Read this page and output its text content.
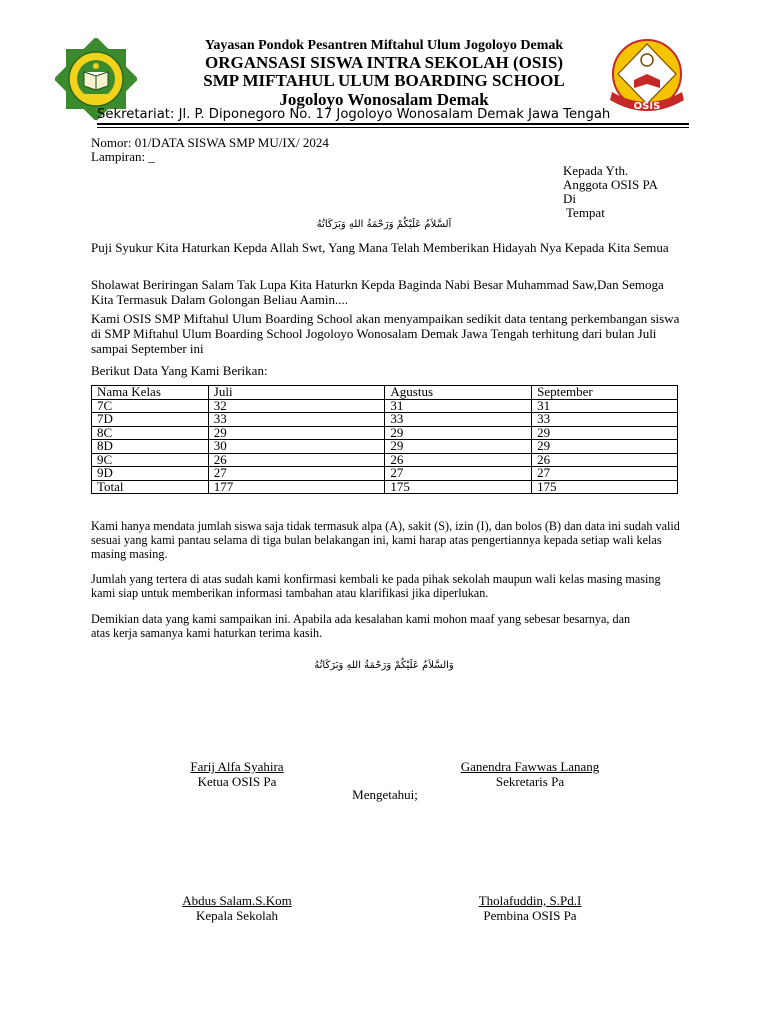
OSIS
Yayasan Pondok Pesantren Miftahul Ulum Jogoloyo Demak
ORGANSASI SISWA INTRA SEKOLAH (OSIS)
SMP MIFTAHUL ULUM BOARDING SCHOOL
Jogoloyo Wonosalam Demak
Sekretariat: Jl. P. Diponegoro No. 17 Jogoloyo Wonosalam Demak Jawa Tengah
Nomor: 01/DATA SISWA SMP MU/IX/ 2024
Lampiran: _
Kepada Yth.
Anggota OSIS PA
Di
Tempat
اَلسَّلاَمُ عَلَيْكُمْ وَرَحْمَةُ اللهِ وَبَرَكَاتُهُ
Puji Syukur Kita Haturkan Kepda Allah Swt, Yang Mana Telah Memberikan Hidayah Nya Kepada Kita Semua
Sholawat Beriringan Salam Tak Lupa Kita Haturkn Kepda Baginda Nabi Besar Muhammad Saw,Dan Semoga Kita Termasuk Dalam Golongan Beliau Aamin....
Kami OSIS SMP Miftahul Ulum Boarding School akan menyampaikan sedikit data tentang perkembangan siswa di SMP Miftahul Ulum Boarding School Jogoloyo Wonosalam Demak Jawa Tengah terhitung dari bulan Juli sampai September ini
Berikut Data Yang Kami Berikan:
Nama Kelas	Juli	Agustus	September
7C	32	31	31
7D	33	33	33
8C	29	29	29
8D	30	29	29
9C	26	26	26
9D	27	27	27
Total	177	175	175
Kami hanya mendata jumlah siswa saja tidak termasuk alpa (A), sakit (S), izin (I), dan bolos (B) dan data ini sudah valid sesuai yang kami pantau selama di tiga bulan belakangan ini, kami harap atas pengertiannya kepada setiap wali kelas masing masing.
Jumlah yang tertera di atas sudah kami konfirmasi kembali ke pada pihak sekolah maupun wali kelas masing masing kami siap untuk memberikan informasi tambahan atau klarifikasi jika diperlukan.
Demikian data yang kami sampaikan ini. Apabila ada kesalahan kami mohon maaf yang sebesar besarnya, dan atas kerja samanya kami haturkan terima kasih.
وَالسَّلاَمُ عَلَيْكُمْ وَرَحْمَةُ اللهِ وَبَرَكَاتُهُ
Farij Alfa Syahira
Ketua OSIS Pa
Ganendra Fawwas Lanang
Sekretaris Pa
Mengetahui;
Abdus Salam.S.Kom
Kepala Sekolah
Tholafuddin, S.Pd.I
Pembina OSIS Pa
